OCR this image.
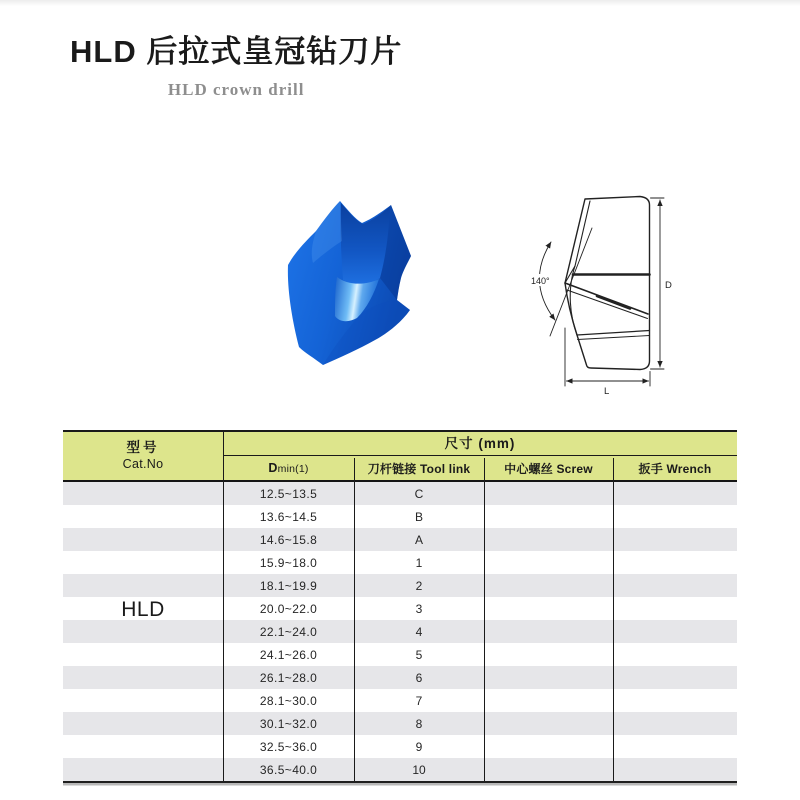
HLD 后拉式皇冠钻刀片
HLD crown drill
140°	D
L
型号
Cat.No
尺寸 (mm)
Dmin(1)	刀杆链接 Tool link	中心螺丝 Screw	扳手 Wrench
12.5~13.5	C
13.6~14.5	B
14.6~15.8	A
15.9~18.0	1
18.1~19.9	2
20.0~22.0	3
22.1~24.0	4
24.1~26.0	5
26.1~28.0	6
28.1~30.0	7
30.1~32.0	8
32.5~36.0	9
36.5~40.0	10
HLD
